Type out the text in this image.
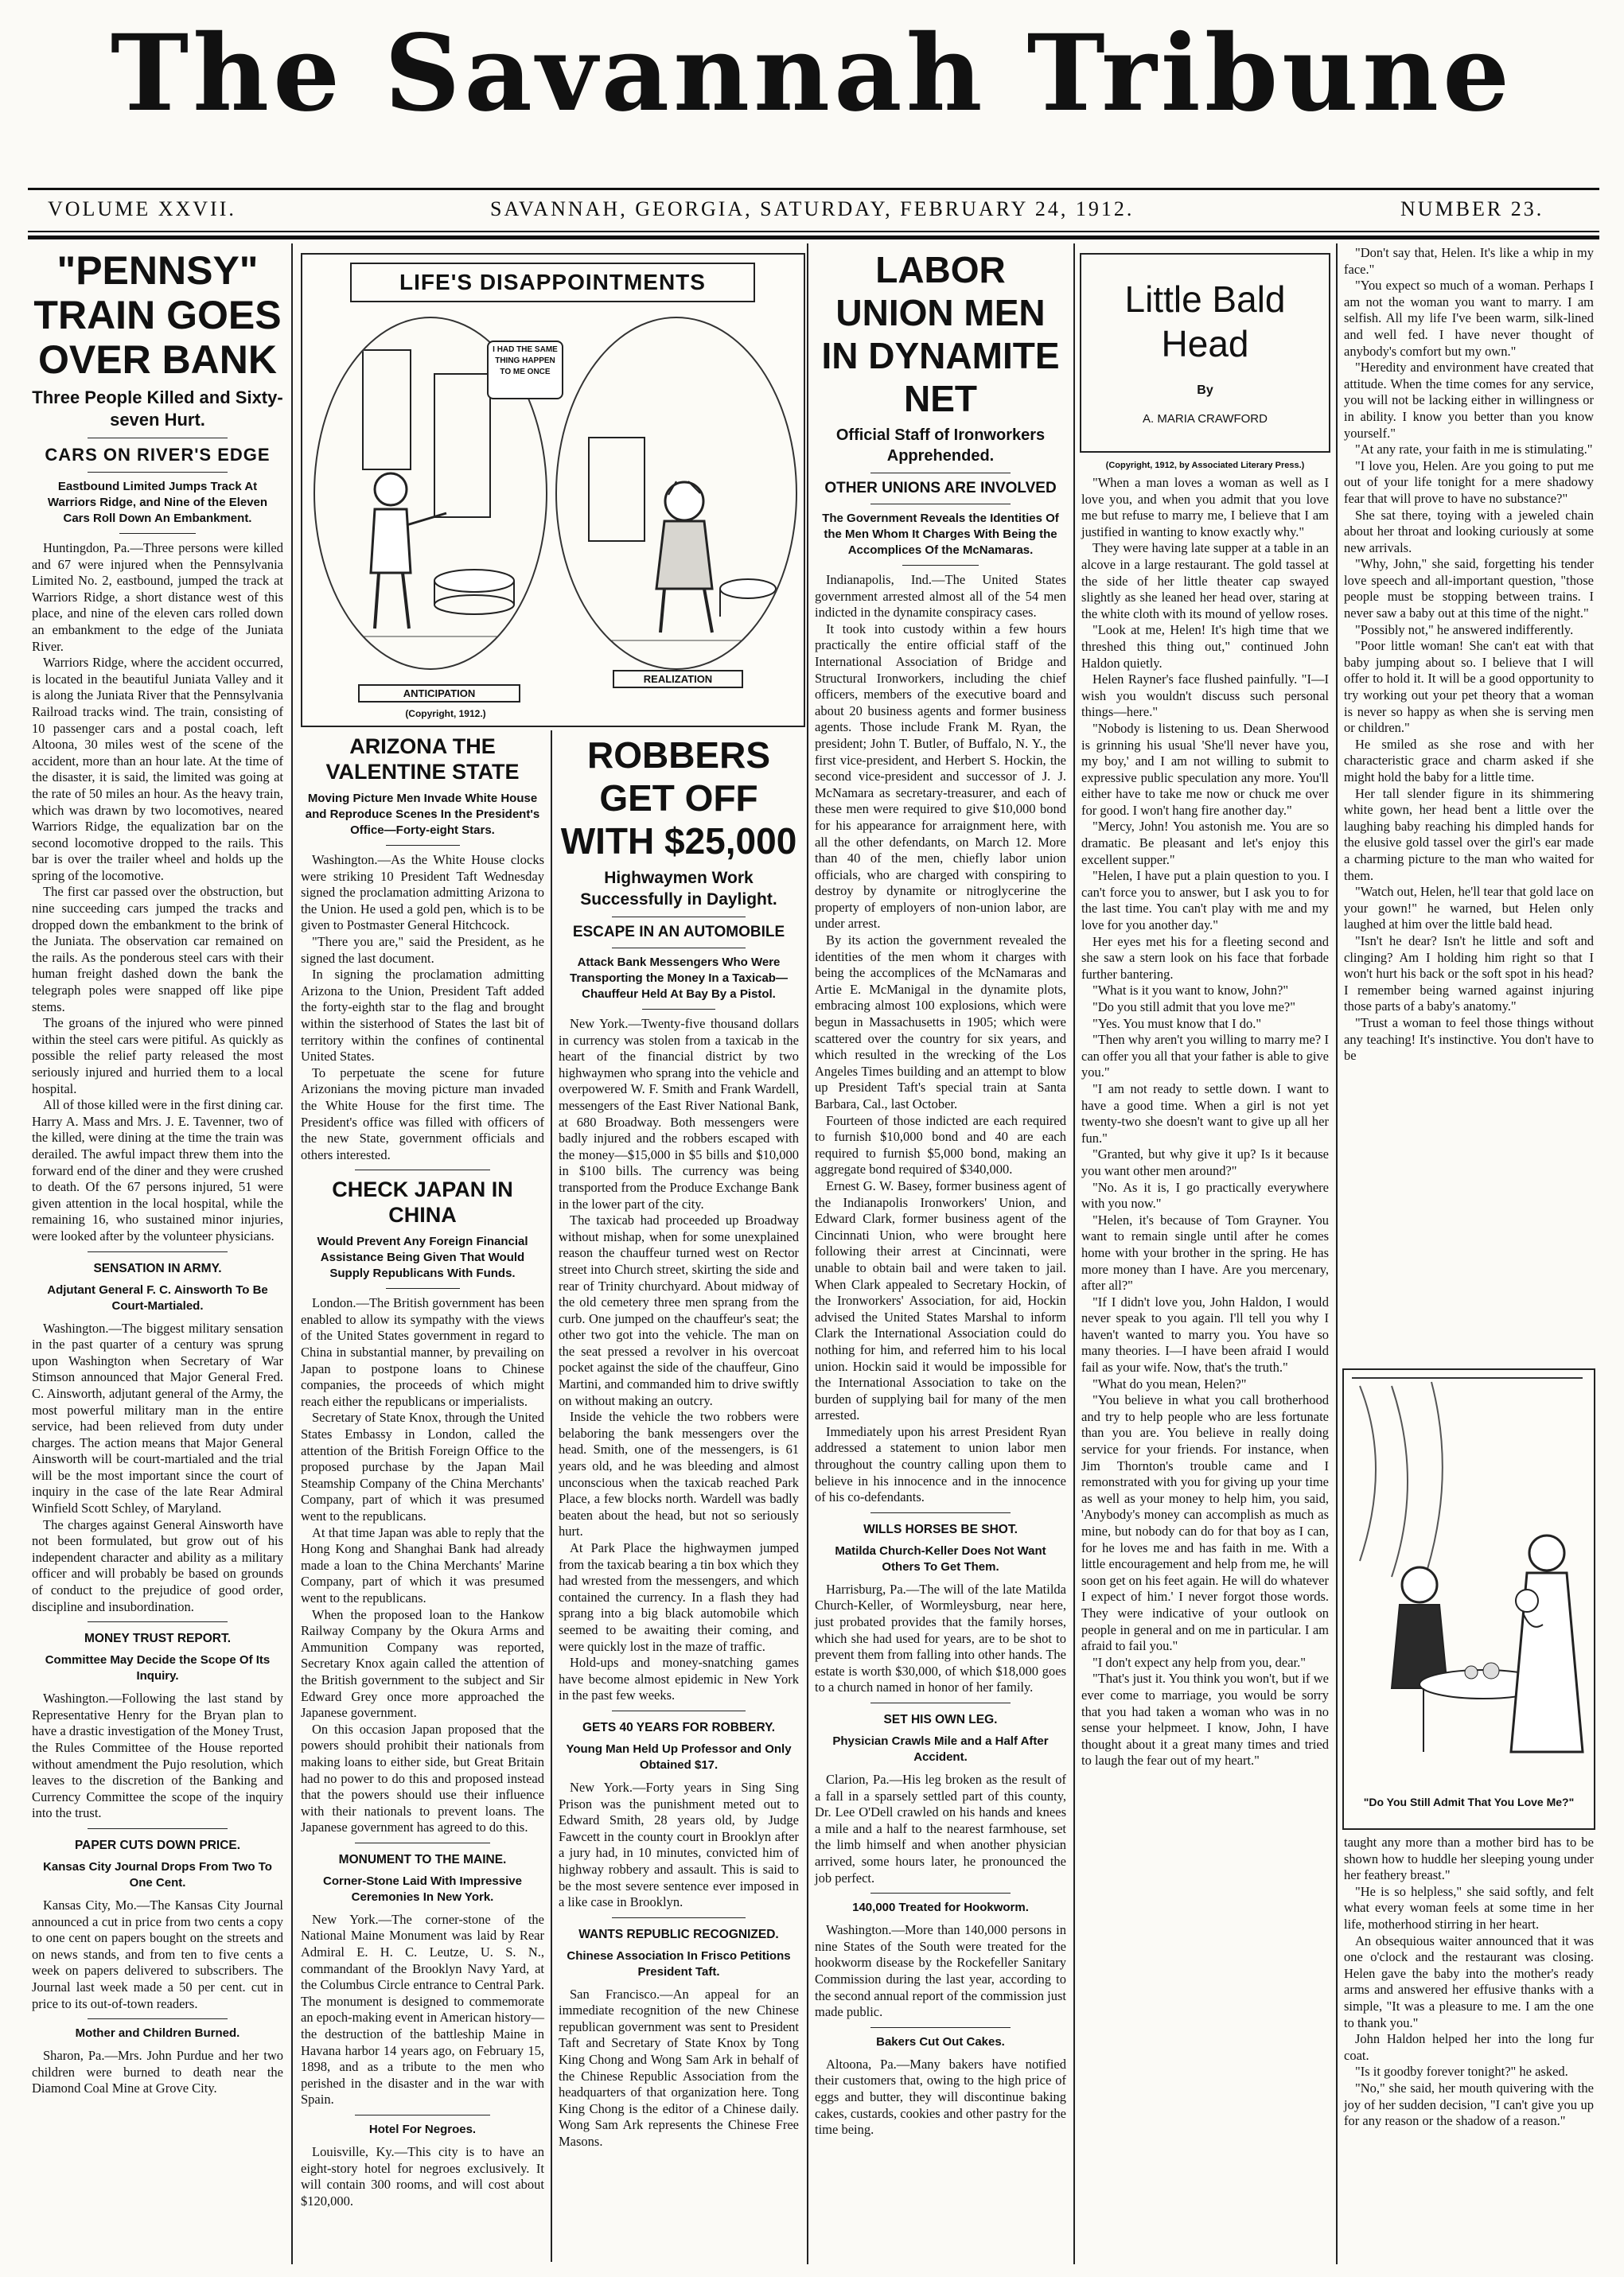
The Savannah Tribune
VOLUME XXVII.	SAVANNAH, GEORGIA, SATURDAY, FEBRUARY 24, 1912.	NUMBER 23.
"PENNSY" TRAIN GOES OVER BANK
Three People Killed and Sixty-seven Hurt.
CARS ON RIVER'S EDGE
Eastbound Limited Jumps Track At Warriors Ridge, and Nine of the Eleven Cars Roll Down An Embankment.

Huntingdon, Pa.—Three persons were killed and 67 were injured when the Pennsylvania Limited No. 2, eastbound, jumped the track at Warriors Ridge, a short distance west of this place, and nine of the eleven cars rolled down an embankment to the edge of the Juniata River.

Warriors Ridge, where the accident occurred, is located in the beautiful Juniata Valley and it is along the Juniata River that the Pennsylvania Railroad tracks wind. The train, consisting of 10 passenger cars and a postal coach, left Altoona, 30 miles west of the scene of the accident, more than an hour late. At the time of the disaster, it is said, the limited was going at the rate of 50 miles an hour. As the heavy train, which was drawn by two locomotives, neared Warriors Ridge, the equalization bar on the second locomotive dropped to the rails. This bar is over the trailer wheel and holds up the spring of the locomotive.

The first car passed over the obstruction, but nine succeeding cars jumped the tracks and dropped down the embankment to the brink of the Juniata. The observation car remained on the rails. As the ponderous steel cars with their human freight dashed down the bank the telegraph poles were snapped off like pipe stems.

The groans of the injured who were pinned within the steel cars were pitiful. As quickly as possible the relief party released the most seriously injured and hurried them to a local hospital.

All of those killed were in the first dining car. Harry A. Mass and Mrs. J. E. Tavenner, two of the killed, were dining at the time the train was derailed. The awful impact threw them into the forward end of the diner and they were crushed to death. Of the 67 persons injured, 51 were given attention in the local hospital, while the remaining 16, who sustained minor injuries, were looked after by the volunteer physicians.

SENSATION IN ARMY.
Adjutant General F. C. Ainsworth To Be Court-Martialed.

Washington.—The biggest military sensation in the past quarter of a century was sprung upon Washington when Secretary of War Stimson announced that Major General Fred. C. Ainsworth, adjutant general of the Army, the most powerful military man in the entire service, had been relieved from duty under charges. The action means that Major General Ainsworth will be court-martialed and the trial will be the most important since the court of inquiry in the case of the late Rear Admiral Winfield Scott Schley, of Maryland.

The charges against General Ainsworth have not been formulated, but grow out of his independent character and ability as a military officer and will probably be based on grounds of conduct to the prejudice of good order, discipline and insubordination.

MONEY TRUST REPORT.
Committee May Decide the Scope Of Its Inquiry.

Washington.—Following the last stand by Representative Henry for the Bryan plan to have a drastic investigation of the Money Trust, the Rules Committee of the House reported without amendment the Pujo resolution, which leaves to the discretion of the Banking and Currency Committee the scope of the inquiry into the trust.

PAPER CUTS DOWN PRICE.
Kansas City Journal Drops From Two To One Cent.

Kansas City, Mo.—The Kansas City Journal announced a cut in price from two cents a copy to one cent on papers bought on the streets and on news stands, and from ten to five cents a week on papers delivered to subscribers. The Journal last week made a 50 per cent. cut in price to its out-of-town readers.

Mother and Children Burned.

Sharon, Pa.—Mrs. John Purdue and her two children were burned to death near the Diamond Coal Mine at Grove City.

LIFE'S DISAPPOINTMENTS
I HAD THE SAME THING HAPPEN TO ME ONCE
ANTICIPATION
REALIZATION
(Copyright, 1912.)
ARIZONA THE VALENTINE STATE
Moving Picture Men Invade White House and Reproduce Scenes In the President's Office—Forty-eight Stars.

Washington.—As the White House clocks were striking 10 President Taft Wednesday signed the proclamation admitting Arizona to the Union. He used a gold pen, which is to be given to Postmaster General Hitchcock.

"There you are," said the President, as he signed the last document.

In signing the proclamation admitting Arizona to the Union, President Taft added the forty-eighth star to the flag and brought within the sisterhood of States the last bit of territory within the confines of continental United States.

To perpetuate the scene for future Arizonians the moving picture man invaded the White House for the first time. The President's office was filled with officers of the new State, government officials and others interested.

CHECK JAPAN IN CHINA
Would Prevent Any Foreign Financial Assistance Being Given That Would Supply Republicans With Funds.

London.—The British government has been enabled to allow its sympathy with the views of the United States government in regard to China in substantial manner, by prevailing on Japan to postpone loans to Chinese companies, the proceeds of which might reach either the republicans or imperialists.

Secretary of State Knox, through the United States Embassy in London, called the attention of the British Foreign Office to the proposed purchase by the Japan Mail Steamship Company of the China Merchants' Company, part of which it was presumed went to the republicans.

At that time Japan was able to reply that the Hong Kong and Shanghai Bank had already made a loan to the China Merchants' Marine Company, part of which it was presumed went to the republicans.

When the proposed loan to the Hankow Railway Company by the Okura Arms and Ammunition Company was reported, Secretary Knox again called the attention of the British government to the subject and Sir Edward Grey once more approached the Japanese government.

On this occasion Japan proposed that the powers should prohibit their nationals from making loans to either side, but Great Britain had no power to do this and proposed instead that the powers should use their influence with their nationals to prevent loans. The Japanese government has agreed to do this.

MONUMENT TO THE MAINE.
Corner-Stone Laid With Impressive Ceremonies In New York.

New York.—The corner-stone of the National Maine Monument was laid by Rear Admiral E. H. C. Leutze, U. S. N., commandant of the Brooklyn Navy Yard, at the Columbus Circle entrance to Central Park. The monument is designed to commemorate an epoch-making event in American history—the destruction of the battleship Maine in Havana harbor 14 years ago, on February 15, 1898, and as a tribute to the men who perished in the disaster and in the war with Spain.

Hotel For Negroes.

Louisville, Ky.—This city is to have an eight-story hotel for negroes exclusively. It will contain 300 rooms, and will cost about $120,000.

ROBBERS GET OFF WITH $25,000
Highwaymen Work Successfully in Daylight.
ESCAPE IN AN AUTOMOBILE
Attack Bank Messengers Who Were Transporting the Money In a Taxicab—Chauffeur Held At Bay By a Pistol.

New York.—Twenty-five thousand dollars in currency was stolen from a taxicab in the heart of the financial district by two highwaymen who sprang into the vehicle and overpowered W. F. Smith and Frank Wardell, messengers of the East River National Bank, at 680 Broadway. Both messengers were badly injured and the robbers escaped with the money—$15,000 in $5 bills and $10,000 in $100 bills. The currency was being transported from the Produce Exchange Bank in the lower part of the city.

The taxicab had proceeded up Broadway without mishap, when for some unexplained reason the chauffeur turned west on Rector street into Church street, skirting the side and rear of Trinity churchyard. About midway of the old cemetery three men sprang from the curb. One jumped on the chauffeur's seat; the other two got into the vehicle. The man on the seat pressed a revolver in his overcoat pocket against the side of the chauffeur, Gino Martini, and commanded him to drive swiftly on without making an outcry.

Inside the vehicle the two robbers were belaboring the bank messengers over the head. Smith, one of the messengers, is 61 years old, and he was bleeding and almost unconscious when the taxicab reached Park Place, a few blocks north. Wardell was badly beaten about the head, but not so seriously hurt.

At Park Place the highwaymen jumped from the taxicab bearing a tin box which they had wrested from the messengers, and which contained the currency. In a flash they had sprang into a big black automobile which seemed to be awaiting their coming, and were quickly lost in the maze of traffic.

Hold-ups and money-snatching games have become almost epidemic in New York in the past few weeks.

GETS 40 YEARS FOR ROBBERY.
Young Man Held Up Professor and Only Obtained $17.

New York.—Forty years in Sing Sing Prison was the punishment meted out to Edward Smith, 28 years old, by Judge Fawcett in the county court in Brooklyn after a jury had, in 10 minutes, convicted him of highway robbery and assault. This is said to be the most severe sentence ever imposed in a like case in Brooklyn.

WANTS REPUBLIC RECOGNIZED.
Chinese Association In Frisco Petitions President Taft.

San Francisco.—An appeal for an immediate recognition of the new Chinese republican government was sent to President Taft and Secretary of State Knox by Tong King Chong and Wong Sam Ark in behalf of the Chinese Republic Association from the headquarters of that organization here. Tong King Chong is the editor of a Chinese daily. Wong Sam Ark represents the Chinese Free Masons.

LABOR UNION MEN IN DYNAMITE NET
Official Staff of Ironworkers Apprehended.
OTHER UNIONS ARE INVOLVED
The Government Reveals the Identities Of the Men Whom It Charges With Being the Accomplices Of the McNamaras.

Indianapolis, Ind.—The United States government arrested almost all of the 54 men indicted in the dynamite conspiracy cases.

It took into custody within a few hours practically the entire official staff of the International Association of Bridge and Structural Ironworkers, including the chief officers, members of the executive board and about 20 business agents and former business agents. Those include Frank M. Ryan, the president; John T. Butler, of Buffalo, N. Y., the first vice-president, and Herbert S. Hockin, the second vice-president and successor of J. J. McNamara as secretary-treasurer, and each of these men were required to give $10,000 bond for his appearance for arraignment here, with all the other defendants, on March 12. More than 40 of the men, chiefly labor union officials, who are charged with conspiring to destroy by dynamite or nitroglycerine the property of employers of non-union labor, are under arrest.

By its action the government revealed the identities of the men whom it charges with being the accomplices of the McNamaras and Artie E. McManigal in the dynamite plots, embracing almost 100 explosions, which were begun in Massachusetts in 1905; which were scattered over the country for six years, and which resulted in the wrecking of the Los Angeles Times building and an attempt to blow up President Taft's special train at Santa Barbara, Cal., last October.

Fourteen of those indicted are each required to furnish $10,000 bond and 40 are each required to furnish $5,000 bond, making an aggregate bond required of $340,000.

Ernest G. W. Basey, former business agent of the Indianapolis Ironworkers' Union, and Edward Clark, former business agent of the Cincinnati Union, who were brought here following their arrest at Cincinnati, were unable to obtain bail and were taken to jail. When Clark appealed to Secretary Hockin, of the Ironworkers' Association, for aid, Hockin advised the United States Marshal to inform Clark the International Association could do nothing for him, and referred him to his local union. Hockin said it would be impossible for the International Association to take on the burden of supplying bail for many of the men arrested.

Immediately upon his arrest President Ryan addressed a statement to union labor men throughout the country calling upon them to believe in his innocence and in the innocence of his co-defendants.

WILLS HORSES BE SHOT.
Matilda Church-Keller Does Not Want Others To Get Them.

Harrisburg, Pa.—The will of the late Matilda Church-Keller, of Wormleysburg, near here, just probated provides that the family horses, which she had used for years, are to be shot to prevent them from falling into other hands. The estate is worth $30,000, of which $18,000 goes to a church named in honor of her family.

SET HIS OWN LEG.
Physician Crawls Mile and a Half After Accident.

Clarion, Pa.—His leg broken as the result of a fall in a sparsely settled part of this county, Dr. Lee O'Dell crawled on his hands and knees a mile and a half to the nearest farmhouse, set the limb himself and when another physician arrived, some hours later, he pronounced the job perfect.

140,000 Treated for Hookworm.

Washington.—More than 140,000 persons in nine States of the South were treated for the hookworm disease by the Rockefeller Sanitary Commission during the last year, according to the second annual report of the commission just made public.

Bakers Cut Out Cakes.

Altoona, Pa.—Many bakers have notified their customers that, owing to the high price of eggs and butter, they will discontinue baking cakes, custards, cookies and other pastry for the time being.

Little Bald Head
By
A. MARIA CRAWFORD
(Copyright, 1912, by Associated Literary Press.)

"When a man loves a woman as well as I love you, and when you admit that you love me but refuse to marry me, I believe that I am justified in wanting to know exactly why."

They were having late supper at a table in an alcove in a large restaurant. The gold tassel at the side of her little theater cap swayed slightly as she leaned her head over, staring at the white cloth with its mound of yellow roses.

"Look at me, Helen! It's high time that we threshed this thing out," continued John Haldon quietly.

Helen Rayner's face flushed painfully. "I—I wish you wouldn't discuss such personal things—here."

"Nobody is listening to us. Dean Sherwood is grinning his usual 'She'll never have you, my boy,' and I am not willing to submit to expressive public speculation any more. You'll either have to take me now or chuck me over for good. I won't hang fire another day."

"Mercy, John! You astonish me. You are so dramatic. Be pleasant and let's enjoy this excellent supper."

"Helen, I have put a plain question to you. I can't force you to answer, but I ask you to for the last time. You can't play with me and my love for you another day."

Her eyes met his for a fleeting second and she saw a stern look on his face that forbade further bantering.

"What is it you want to know, John?"

"Do you still admit that you love me?"

"Yes. You must know that I do."

"Then why aren't you willing to marry me? I can offer you all that your father is able to give you."

"I am not ready to settle down. I want to have a good time. When a girl is not yet twenty-two she doesn't want to give up all her fun."

"Granted, but why give it up? Is it because you want other men around?"

"No. As it is, I go practically everywhere with you now."

"Helen, it's because of Tom Grayner. You want to remain single until after he comes home with your brother in the spring. He has more money than I have. Are you mercenary, after all?"

"If I didn't love you, John Haldon, I would never speak to you again. I'll tell you why I haven't wanted to marry you. You have so many theories. I—I have been afraid I would fail as your wife. Now, that's the truth."

"What do you mean, Helen?"

"You believe in what you call brotherhood and try to help people who are less fortunate than you are. You believe in really doing service for your friends. For instance, when Jim Thornton's trouble came and I remonstrated with you for giving up your time as well as your money to help him, you said, 'Anybody's money can accomplish as much as mine, but nobody can do for that boy as I can, for he loves me and has faith in me. With a little encouragement and help from me, he will soon get on his feet again. He will do whatever I expect of him.' I never forgot those words. They were indicative of your outlook on people in general and on me in particular. I am afraid to fail you."

"I don't expect any help from you, dear."

"That's just it. You think you won't, but if we ever come to marriage, you would be sorry that you had taken a woman who was in no sense your helpmeet. I know, John, I have thought about it a great many times and tried to laugh the fear out of my heart."

"Don't say that, Helen. It's like a whip in my face."

"You expect so much of a woman. Perhaps I am not the woman you want to marry. I am selfish. All my life I've been warm, silk-lined and well fed. I have never thought of anybody's comfort but my own."

"Heredity and environment have created that attitude. When the time comes for any service, you will not be lacking either in willingness or in ability. I know you better than you know yourself."

"At any rate, your faith in me is stimulating."

"I love you, Helen. Are you going to put me out of your life tonight for a mere shadowy fear that will prove to have no substance?"

She sat there, toying with a jeweled chain about her throat and looking curiously at some new arrivals.

"Why, John," she said, forgetting his tender love speech and all-important question, "those people must be stopping between trains. I never saw a baby out at this time of the night."

"Possibly not," he answered indifferently.

"Poor little woman! She can't eat with that baby jumping about so. I believe that I will offer to hold it. It will be a good opportunity to try working out your pet theory that a woman is never so happy as when she is serving men or children."

He smiled as she rose and with her characteristic grace and charm asked if she might hold the baby for a little time.

Her tall slender figure in its shimmering white gown, her head bent a little over the laughing baby reaching his dimpled hands for the elusive gold tassel over the girl's ear made a charming picture to the man who waited for them.

"Watch out, Helen, he'll tear that gold lace on your gown!" he warned, but Helen only laughed at him over the little bald head.

"Isn't he dear? Isn't he little and soft and clinging? Am I holding him right so that I won't hurt his back or the soft spot in his head? I remember being warned against injuring those parts of a baby's anatomy."

"Trust a woman to feel those things without any teaching! It's instinctive. You don't have to be

"Do You Still Admit That You Love Me?"

taught any more than a mother bird has to be shown how to huddle her sleeping young under her feathery breast."

"He is so helpless," she said softly, and felt what every woman feels at some time in her life, motherhood stirring in her heart.

An obsequious waiter announced that it was one o'clock and the restaurant was closing. Helen gave the baby into the mother's ready arms and answered her effusive thanks with a simple, "It was a pleasure to me. I am the one to thank you."

John Haldon helped her into the long fur coat.

"Is it goodby forever tonight?" he asked.

"No," she said, her mouth quivering with the joy of her sudden decision, "I can't give you up for any reason or the shadow of a reason."
